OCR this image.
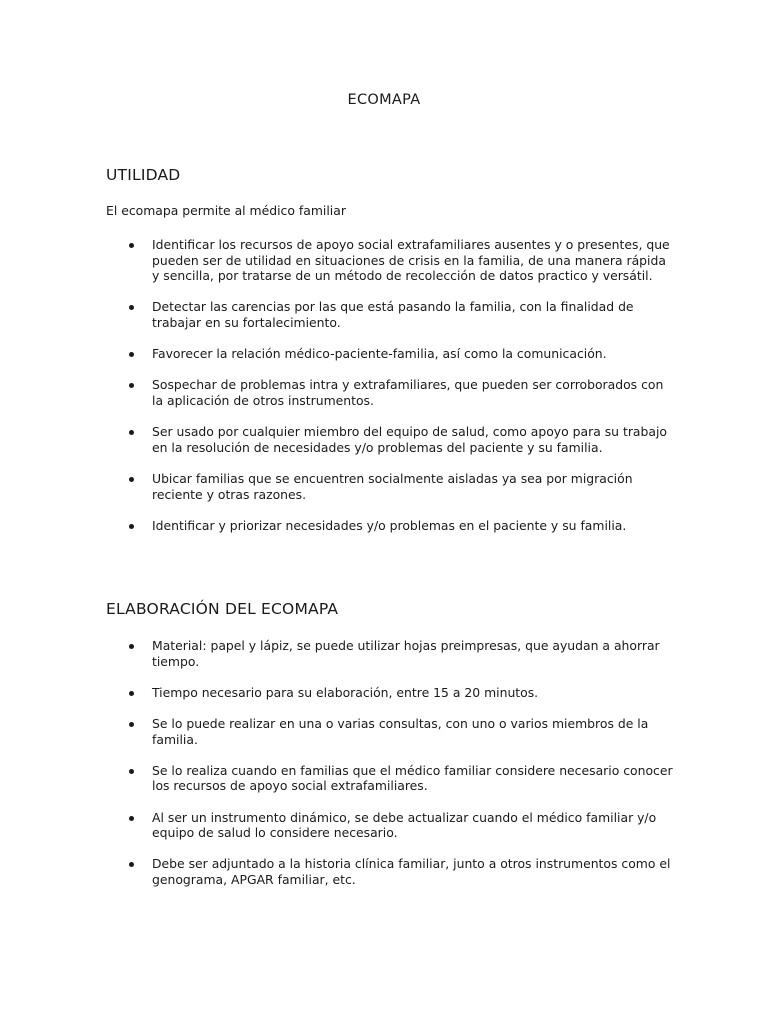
ECOMAPA
UTILIDAD
El ecomapa permite al médico familiar
Identificar los recursos de apoyo social extrafamiliares ausentes y o presentes, que pueden ser de utilidad en situaciones de crisis en la familia, de una manera rápida y sencilla, por tratarse de un método de recolección de datos practico y versátil.
Detectar las carencias por las que está pasando la familia, con la finalidad de trabajar en su fortalecimiento.
Favorecer la relación médico-paciente-familia, así como la comunicación.
Sospechar de problemas intra y extrafamiliares, que pueden ser corroborados con la aplicación de otros instrumentos.
Ser usado por cualquier miembro del equipo de salud, como apoyo para su trabajo en la resolución de necesidades y/o problemas del paciente y su familia.
Ubicar familias que se encuentren socialmente aisladas ya sea por migración reciente y otras razones.
Identificar y priorizar necesidades y/o problemas en el paciente y su familia.
ELABORACIÓN DEL ECOMAPA
Material: papel y lápiz, se puede utilizar hojas preimpresas, que ayudan a ahorrar tiempo.
Tiempo necesario para su elaboración, entre 15 a 20 minutos.
Se lo puede realizar en una o varias consultas, con uno o varios miembros de la familia.
Se lo realiza cuando en familias que el médico familiar considere necesario conocer los recursos de apoyo social extrafamiliares.
Al ser un instrumento dinámico, se debe actualizar cuando el médico familiar y/o equipo de salud lo considere necesario.
Debe ser adjuntado a la historia clínica familiar, junto a otros instrumentos como el genograma, APGAR familiar, etc.
